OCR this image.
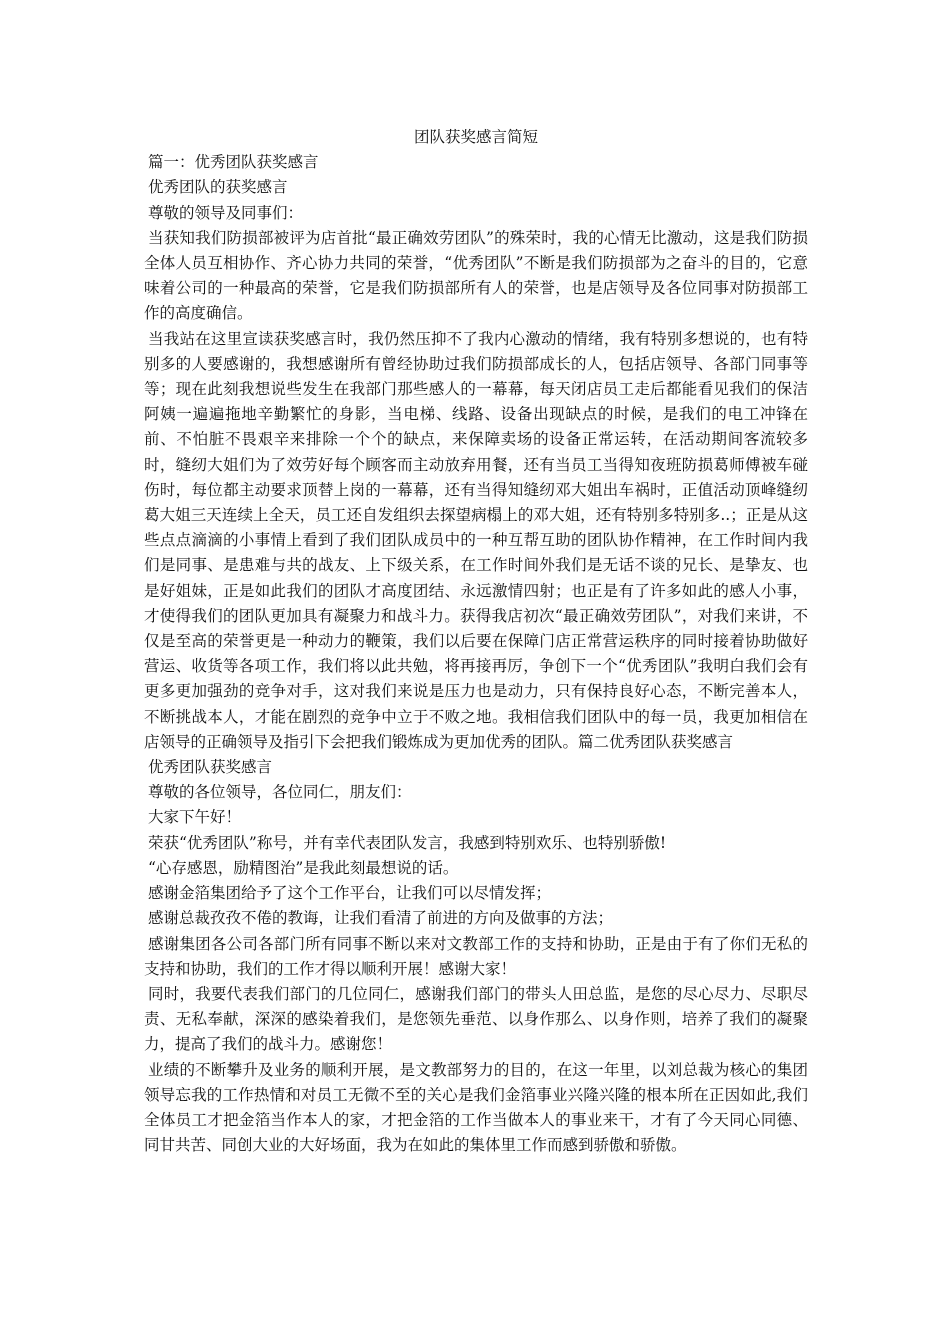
团队获奖感言简短

篇一：优秀团队获奖感言

优秀团队的获奖感言

尊敬的领导及同事们：

当获知我们防损部被评为店首批“最正确效劳团队”的殊荣时，我的心情无比激动，这是我们防损全体人员互相协作、齐心协力共同的荣誉，“优秀团队”不断是我们防损部为之奋斗的目的，它意味着公司的一种最高的荣誉，它是我们防损部所有人的荣誉，也是店领导及各位同事对防损部工作的高度确信。

当我站在这里宣读获奖感言时，我仍然压抑不了我内心激动的情绪，我有特别多想说的，也有特别多的人要感谢的，我想感谢所有曾经协助过我们防损部成长的人，包括店领导、各部门同事等等；现在此刻我想说些发生在我部门那些感人的一幕幕，每天闭店员工走后都能看见我们的保洁阿姨一遍遍拖地辛勤繁忙的身影，当电梯、线路、设备出现缺点的时候，是我们的电工冲锋在前、不怕脏不畏艰辛来排除一个个的缺点，来保障卖场的设备正常运转，在活动期间客流较多时，缝纫大姐们为了效劳好每个顾客而主动放弃用餐，还有当员工当得知夜班防损葛师傅被车碰伤时，每位都主动要求顶替上岗的一幕幕，还有当得知缝纫邓大姐出车祸时，正值活动顶峰缝纫葛大姐三天连续上全天，员工还自发组织去探望病榻上的邓大姐，还有特别多特别多..；正是从这些点点滴滴的小事情上看到了我们团队成员中的一种互帮互助的团队协作精神，在工作时间内我们是同事、是患难与共的战友、上下级关系，在工作时间外我们是无话不谈的兄长、是挚友、也是好姐妹，正是如此我们的团队才高度团结、永远激情四射；也正是有了许多如此的感人小事，才使得我们的团队更加具有凝聚力和战斗力。获得我店初次“最正确效劳团队”，对我们来讲，不仅是至高的荣誉更是一种动力的鞭策，我们以后要在保障门店正常营运秩序的同时接着协助做好营运、收货等各项工作，我们将以此共勉，将再接再厉，争创下一个“优秀团队”我明白我们会有更多更加强劲的竞争对手，这对我们来说是压力也是动力，只有保持良好心态，不断完善本人，不断挑战本人，才能在剧烈的竞争中立于不败之地。我相信我们团队中的每一员，我更加相信在店领导的正确领导及指引下会把我们锻炼成为更加优秀的团队。篇二优秀团队获奖感言

优秀团队获奖感言

尊敬的各位领导，各位同仁，朋友们：

大家下午好！

荣获“优秀团队”称号，并有幸代表团队发言，我感到特别欢乐、也特别骄傲!

“心存感恩，励精图治”是我此刻最想说的话。

感谢金箔集团给予了这个工作平台，让我们可以尽情发挥；

感谢总裁孜孜不倦的教诲，让我们看清了前进的方向及做事的方法；

感谢集团各公司各部门所有同事不断以来对文教部工作的支持和协助，正是由于有了你们无私的支持和协助，我们的工作才得以顺利开展！感谢大家！

同时，我要代表我们部门的几位同仁，感谢我们部门的带头人田总监，是您的尽心尽力、尽职尽责、无私奉献，深深的感染着我们，是您领先垂范、以身作那么、以身作则，培养了我们的凝聚力，提高了我们的战斗力。感谢您！

业绩的不断攀升及业务的顺利开展，是文教部努力的目的，在这一年里，以刘总裁为核心的集团领导忘我的工作热情和对员工无微不至的关心是我们金箔事业兴隆兴隆的根本所在正因如此,我们全体员工才把金箔当作本人的家，才把金箔的工作当做本人的事业来干，才有了今天同心同德、同甘共苦、同创大业的大好场面，我为在如此的集体里工作而感到骄傲和骄傲。
